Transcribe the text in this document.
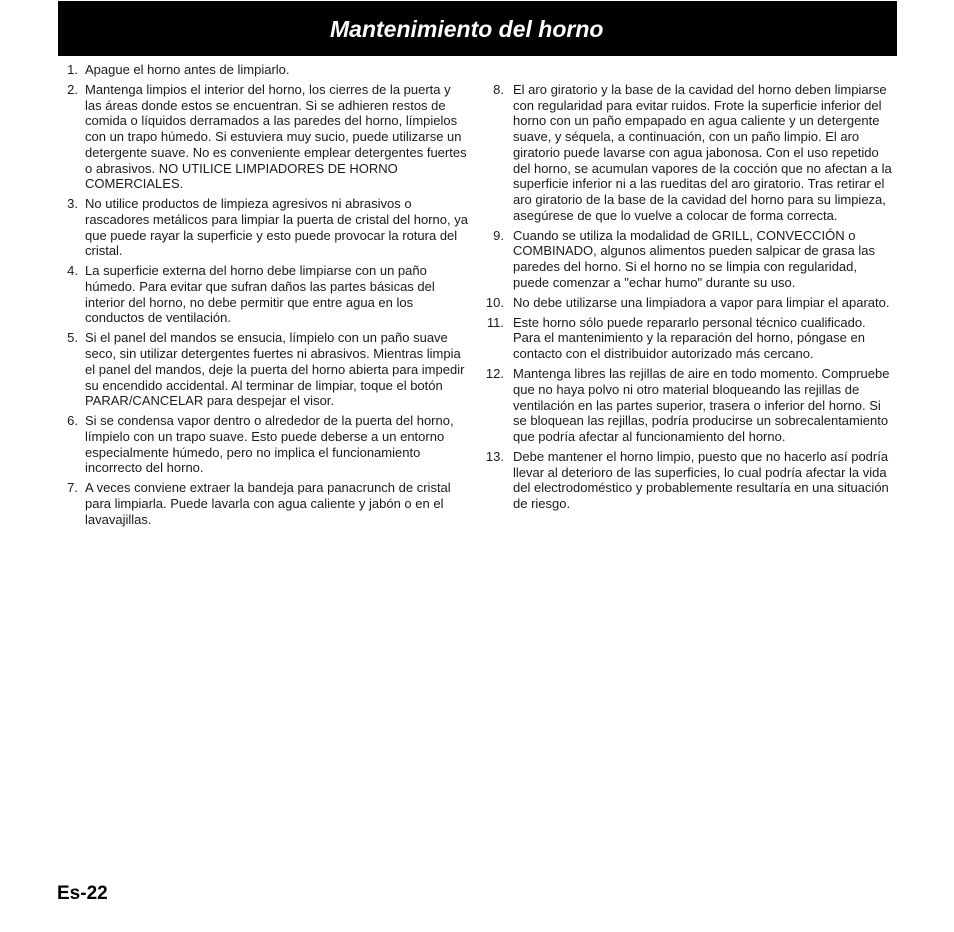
Mantenimiento del horno
1. Apague el horno antes de limpiarlo.
2. Mantenga limpios el interior del horno, los cierres de la puerta y las áreas donde estos se encuentran. Si se adhieren restos de comida o líquidos derramados a las paredes del horno, límpielos con un trapo húmedo. Si estuviera muy sucio, puede utilizarse un detergente suave. No es conveniente emplear detergentes fuertes o abrasivos. NO UTILICE LIMPIADORES DE HORNO COMERCIALES.
3. No utilice productos de limpieza agresivos ni abrasivos o rascadores metálicos para limpiar la puerta de cristal del horno, ya que puede rayar la superficie y esto puede provocar la rotura del cristal.
4. La superficie externa del horno debe limpiarse con un paño húmedo. Para evitar que sufran daños las partes básicas del interior del horno, no debe permitir que entre agua en los conductos de ventilación.
5. Si el panel del mandos se ensucia, límpielo con un paño suave seco, sin utilizar detergentes fuertes ni abrasivos. Mientras limpia el panel del mandos, deje la puerta del horno abierta para impedir su encendido accidental. Al terminar de limpiar, toque el botón PARAR/CANCELAR para despejar el visor.
6. Si se condensa vapor dentro o alrededor de la puerta del horno, límpielo con un trapo suave. Esto puede deberse a un entorno especialmente húmedo, pero no implica el funcionamiento incorrecto del horno.
7. A veces conviene extraer la bandeja para panacrunch de cristal para limpiarla. Puede lavarla con agua caliente y jabón o en el lavavajillas.
8. El aro giratorio y la base de la cavidad del horno deben limpiarse con regularidad para evitar ruidos. Frote la superficie inferior del horno con un paño empapado en agua caliente y un detergente suave, y séquela, a continuación, con un paño limpio. El aro giratorio puede lavarse con agua jabonosa. Con el uso repetido del horno, se acumulan vapores de la cocción que no afectan a la superficie inferior ni a las rueditas del aro giratorio. Tras retirar el aro giratorio de la base de la cavidad del horno para su limpieza, asegúrese de que lo vuelve a colocar de forma correcta.
9. Cuando se utiliza la modalidad de GRILL, CONVECCIÓN o COMBINADO, algunos alimentos pueden salpicar de grasa las paredes del horno. Si el horno no se limpia con regularidad, puede comenzar a "echar humo" durante su uso.
10. No debe utilizarse una limpiadora a vapor para limpiar el aparato.
11. Este horno sólo puede repararlo personal técnico cualificado. Para el mantenimiento y la reparación del horno, póngase en contacto con el distribuidor autorizado más cercano.
12. Mantenga libres las rejillas de aire en todo momento. Compruebe que no haya polvo ni otro material bloqueando las rejillas de ventilación en las partes superior, trasera o inferior del horno. Si se bloquean las rejillas, podría producirse un sobrecalentamiento que podría afectar al funcionamiento del horno.
13. Debe mantener el horno limpio, puesto que no hacerlo así podría llevar al deterioro de las superficies, lo cual podría afectar la vida del electrodoméstico y probablemente resultaría en una situación de riesgo.
Es-22
